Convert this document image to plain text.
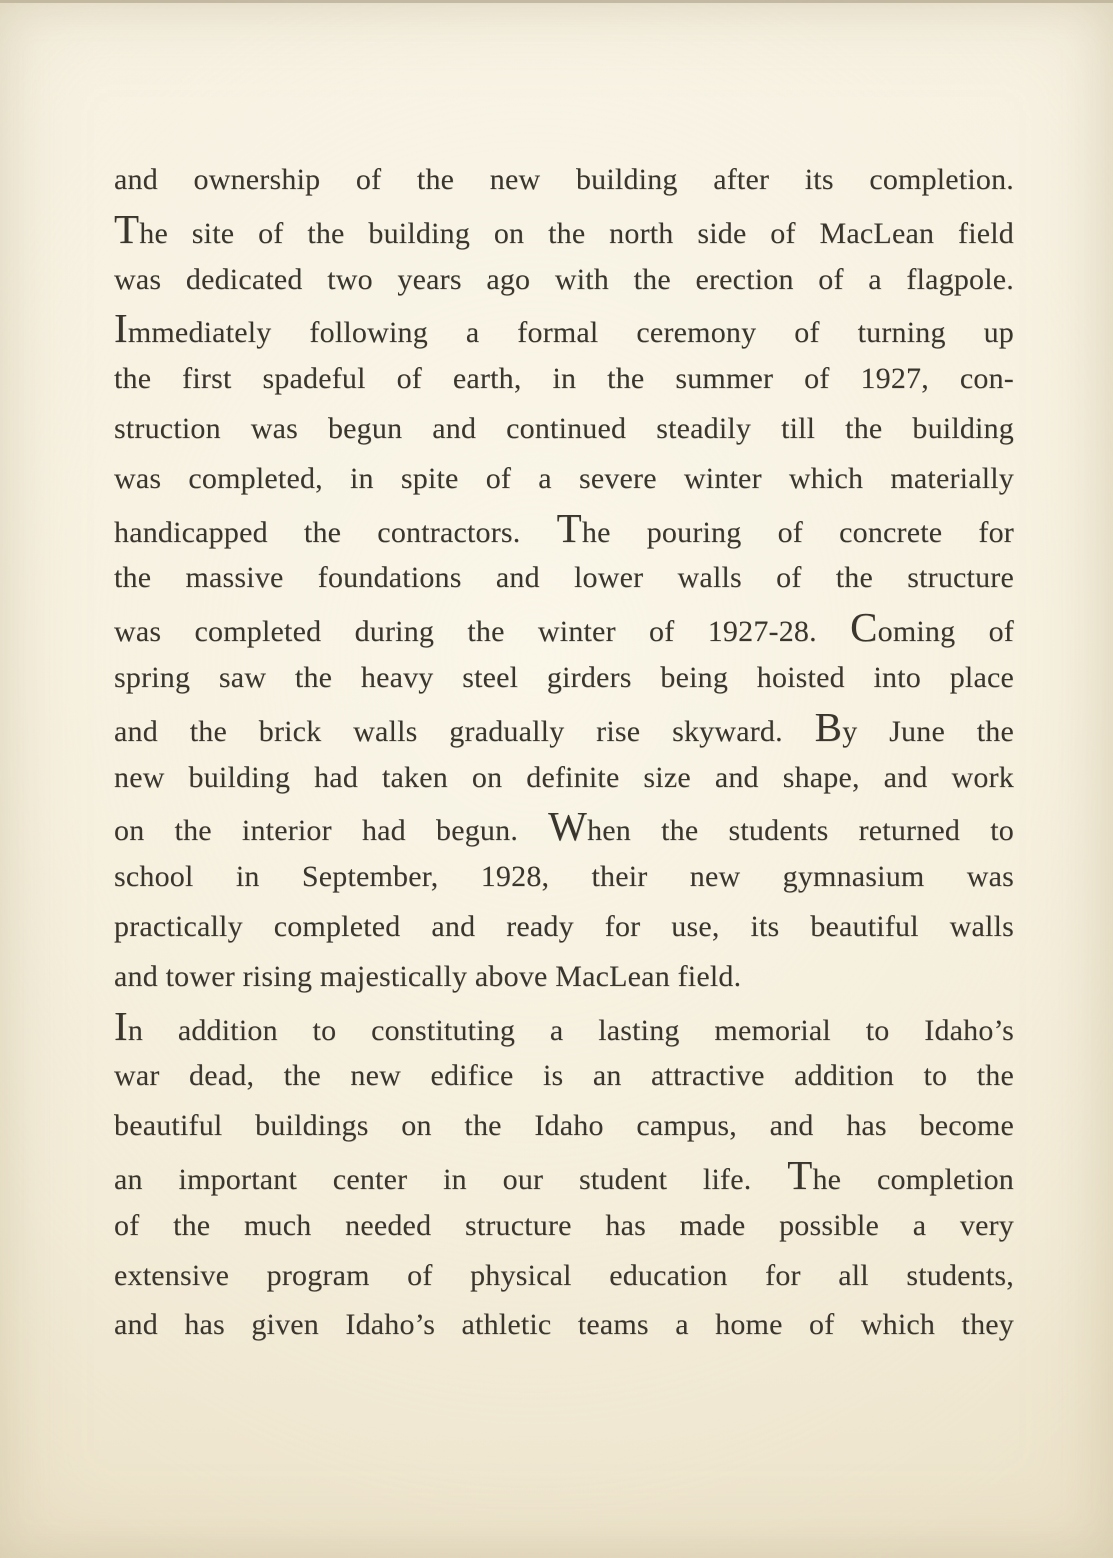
and ownership of the new building after its completion.
The site of the building on the north side of MacLean field
was dedicated two years ago with the erection of a flagpole.
Immediately following a formal ceremony of turning up
the first spadeful of earth, in the summer of 1927, con-
struction was begun and continued steadily till the building
was completed, in spite of a severe winter which materially
handicapped the contractors. The pouring of concrete for
the massive foundations and lower walls of the structure
was completed during the winter of 1927-28. Coming of
spring saw the heavy steel girders being hoisted into place
and the brick walls gradually rise skyward. By June the
new building had taken on definite size and shape, and work
on the interior had begun. When the students returned to
school in September, 1928, their new gymnasium was
practically completed and ready for use, its beautiful walls
and tower rising majestically above MacLean field.
In addition to constituting a lasting memorial to Idaho’s
war dead, the new edifice is an attractive addition to the
beautiful buildings on the Idaho campus, and has become
an important center in our student life. The completion
of the much needed structure has made possible a very
extensive program of physical education for all students,
and has given Idaho’s athletic teams a home of which they
